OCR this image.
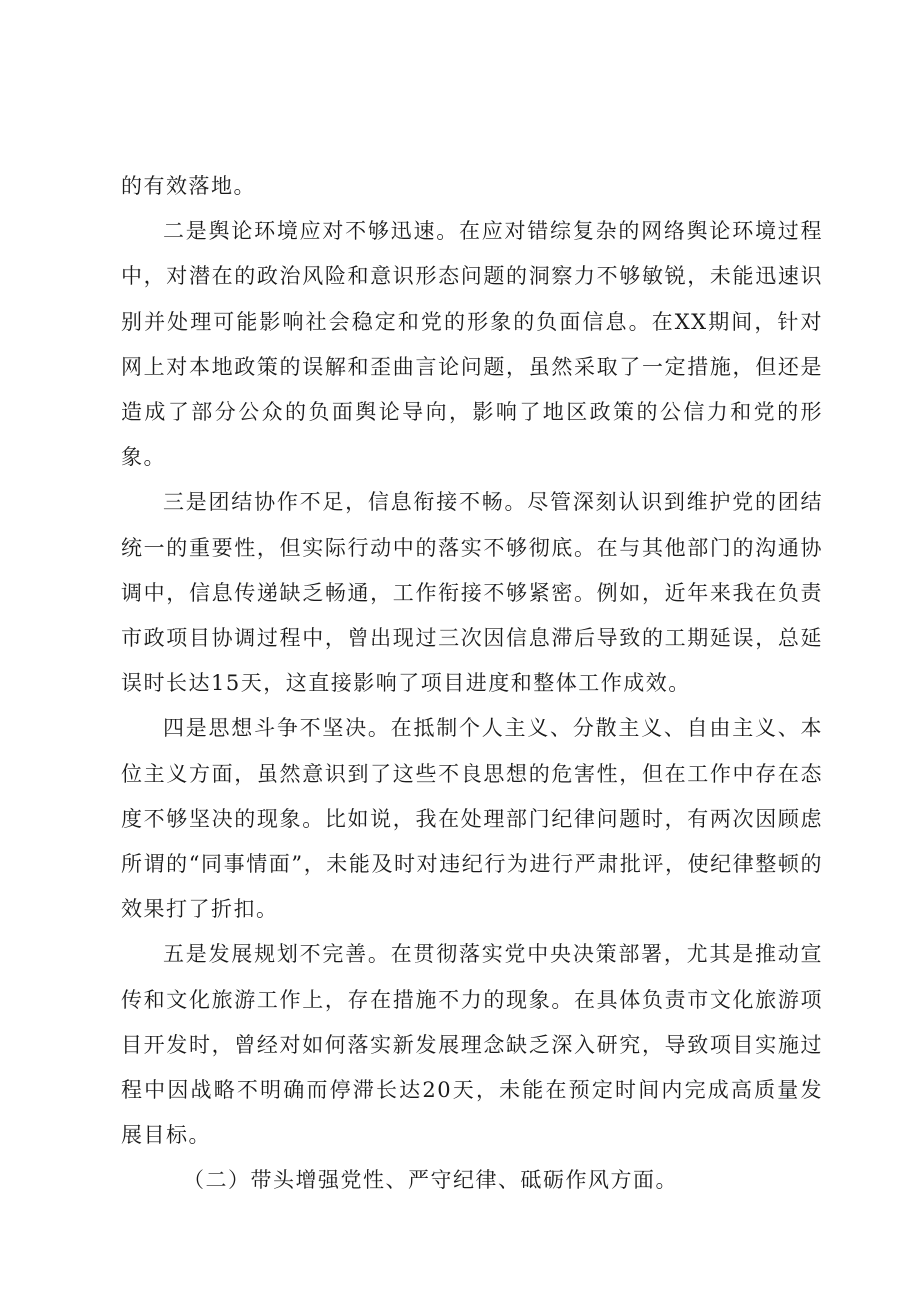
的有效落地。

二是舆论环境应对不够迅速。在应对错综复杂的网络舆论环境过程中，对潜在的政治风险和意识形态问题的洞察力不够敏锐，未能迅速识别并处理可能影响社会稳定和党的形象的负面信息。在XX期间，针对网上对本地政策的误解和歪曲言论问题，虽然采取了一定措施，但还是造成了部分公众的负面舆论导向，影响了地区政策的公信力和党的形象。

三是团结协作不足，信息衔接不畅。尽管深刻认识到维护党的团结统一的重要性，但实际行动中的落实不够彻底。在与其他部门的沟通协调中，信息传递缺乏畅通，工作衔接不够紧密。例如，近年来我在负责市政项目协调过程中，曾出现过三次因信息滞后导致的工期延误，总延误时长达15天，这直接影响了项目进度和整体工作成效。

四是思想斗争不坚决。在抵制个人主义、分散主义、自由主义、本位主义方面，虽然意识到了这些不良思想的危害性，但在工作中存在态度不够坚决的现象。比如说，我在处理部门纪律问题时，有两次因顾虑所谓的“同事情面”，未能及时对违纪行为进行严肃批评，使纪律整顿的效果打了折扣。

五是发展规划不完善。在贯彻落实党中央决策部署，尤其是推动宣传和文化旅游工作上，存在措施不力的现象。在具体负责市文化旅游项目开发时，曾经对如何落实新发展理念缺乏深入研究，导致项目实施过程中因战略不明确而停滞长达20天，未能在预定时间内完成高质量发展目标。

（二）带头增强党性、严守纪律、砥砺作风方面。
